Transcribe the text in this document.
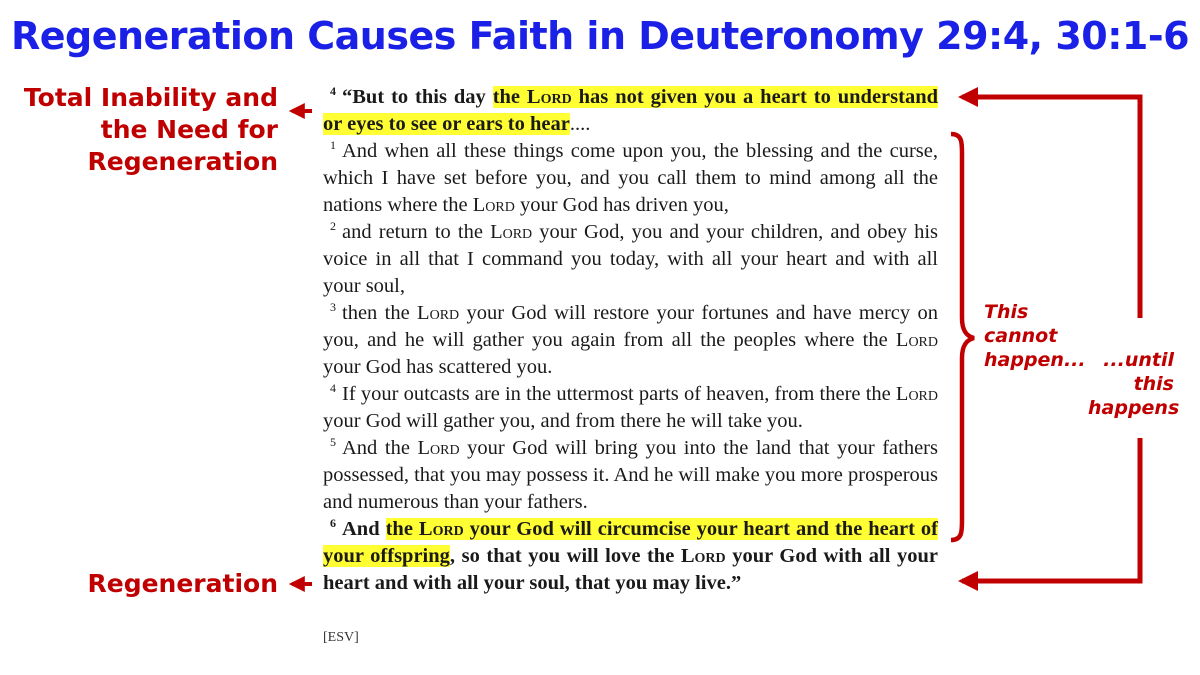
Regeneration Causes Faith in Deuteronomy 29:4, 30:1-6
Total Inability and
the Need for
Regeneration
Regeneration
This
cannot
happen... ...until
this
happens

$^4$ “But to this day the Lord has not given you a heart to understand or eyes to see or ears to hear....

$^1$ And when all these things come upon you, the blessing and the curse, which I have set before you, and you call them to mind among all the nations where the Lord your God has driven you,

$^2$ and return to the Lord your God, you and your children, and obey his voice in all that I command you today, with all your heart and with all your soul,

$^3$ then the Lord your God will restore your fortunes and have mercy on you, and he will gather you again from all the peoples where the Lord your God has scattered you.

$^4$ If your outcasts are in the uttermost parts of heaven, from there the Lord your God will gather you, and from there he will take you.

$^5$ And the Lord your God will bring you into the land that your fathers possessed, that you may possess it. And he will make you more prosperous and numerous than your fathers.

$^6$ And the Lord your God will circumcise your heart and the heart of your offspring, so that you will love the Lord your God with all your heart and with all your soul, that you may live.”

[ESV]
